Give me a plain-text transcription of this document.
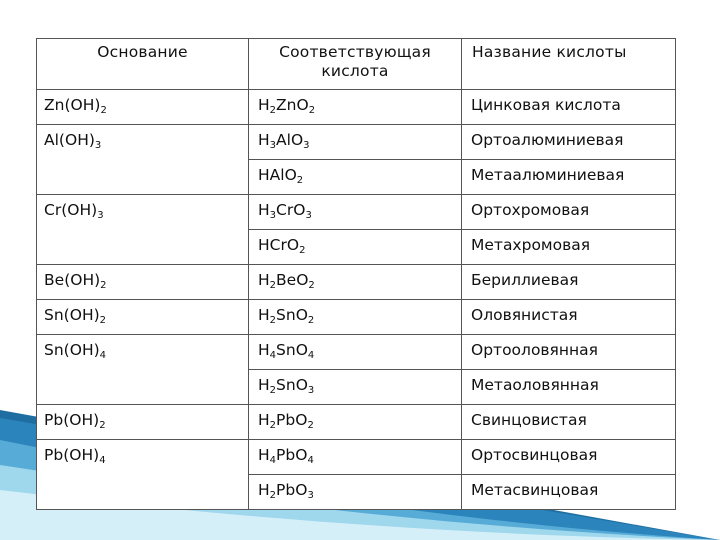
Основание	Соответствующая кислота	Название кислоты
$Zn(OH)_2$	$H_2ZnO_2$	Цинковая кислота
$Al(OH)_3$	$H_3AlO_3$	Ортоалюминиевая
	HAlO$_2$	Метаалюминиевая
$Cr(OH)_3$	$H_3CrO_3$	Ортохромовая
	HCrO$_2$	Метахромовая
$Be(OH)_2$	$H_2BeO_2$	Бериллиевая
$Sn(OH)_2$	$H_2SnO_2$	Оловянистая
$Sn(OH)_4$	$H_4SnO_4$	Ортооловянная
	$H_2SnO_3$	Метаоловянная
$Pb(OH)_2$	$H_2PbO_2$	Свинцовистая
$Pb(OH)_4$	$H_4PbO_4$	Ортосвинцовая
	$H_2PbO_3$	Метасвинцовая
